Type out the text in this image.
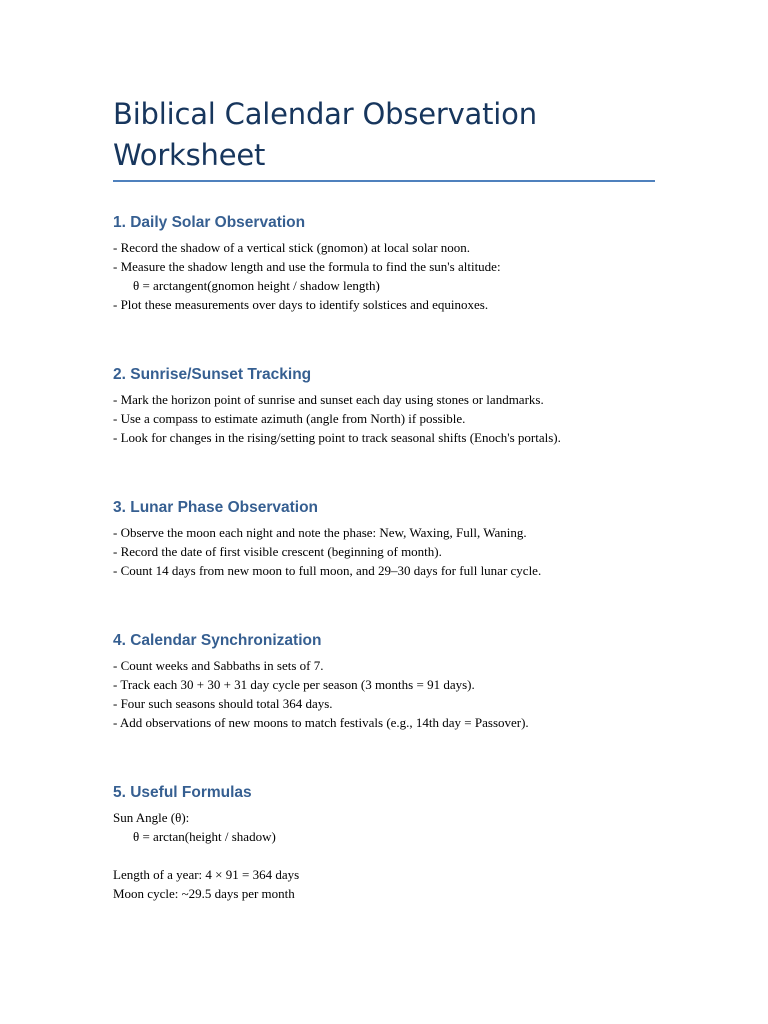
Biblical Calendar Observation Worksheet
1. Daily Solar Observation

- Record the shadow of a vertical stick (gnomon) at local solar noon.

- Measure the shadow length and use the formula to find the sun's altitude:

θ = arctangent(gnomon height / shadow length)

- Plot these measurements over days to identify solstices and equinoxes.

2. Sunrise/Sunset Tracking

- Mark the horizon point of sunrise and sunset each day using stones or landmarks.

- Use a compass to estimate azimuth (angle from North) if possible.

- Look for changes in the rising/setting point to track seasonal shifts (Enoch's portals).

3. Lunar Phase Observation

- Observe the moon each night and note the phase: New, Waxing, Full, Waning.

- Record the date of first visible crescent (beginning of month).

- Count 14 days from new moon to full moon, and 29–30 days for full lunar cycle.

4. Calendar Synchronization

- Count weeks and Sabbaths in sets of 7.

- Track each 30 + 30 + 31 day cycle per season (3 months = 91 days).

- Four such seasons should total 364 days.

- Add observations of new moons to match festivals (e.g., 14th day = Passover).

5. Useful Formulas

Sun Angle (θ):

θ = arctan(height / shadow)

Length of a year: 4 × 91 = 364 days

Moon cycle: ~29.5 days per month
